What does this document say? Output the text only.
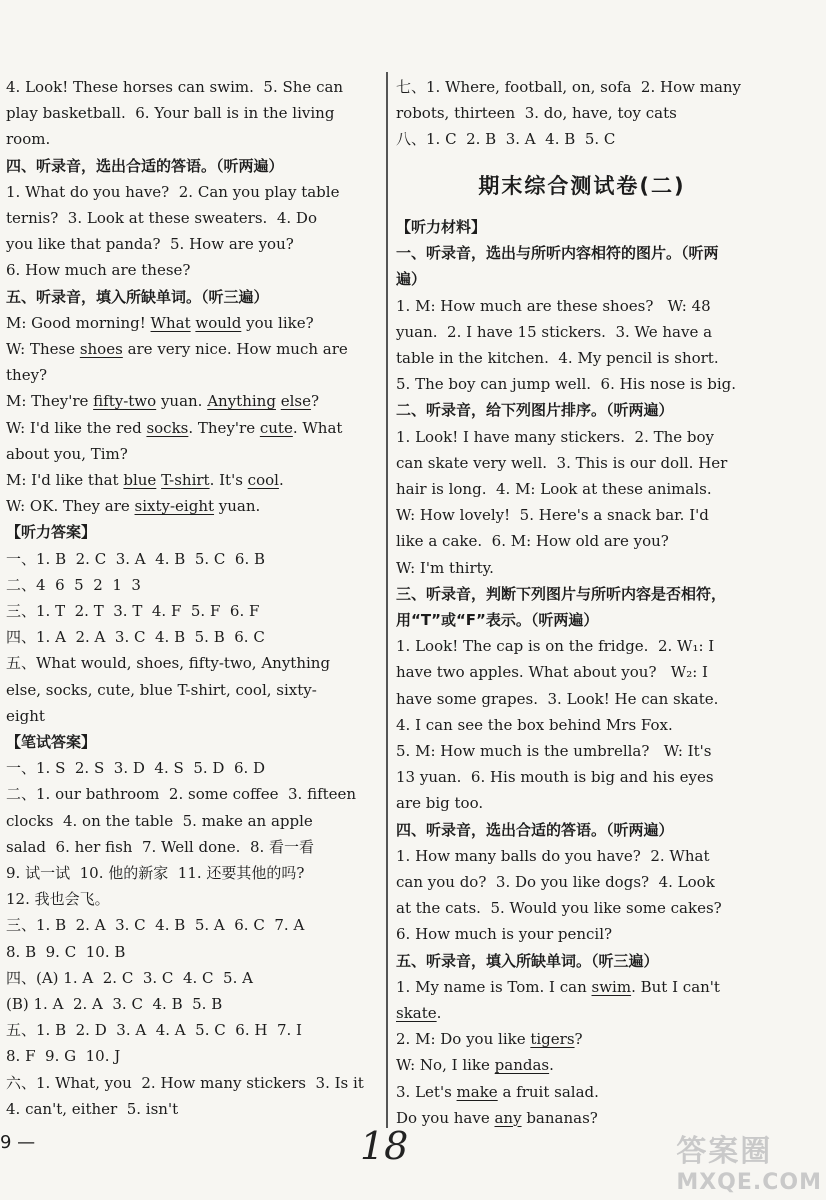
4. Look! These horses can swim.  5. She can
play basketball.  6. Your ball is in the living
room.
四、听录音，选出合适的答语。（听两遍）
1. What do you have?  2. Can you play table
ternis?  3. Look at these sweaters.  4. Do
you like that panda?  5. How are you?
6. How much are these?
五、听录音，填入所缺单词。（听三遍）
M: Good morning! What would you like?
W: These shoes are very nice. How much are
they?
M: They're fifty-two yuan. Anything else?
W: I'd like the red socks. They're cute. What
about you, Tim?
M: I'd like that blue T-shirt. It's cool.
W: OK. They are sixty-eight yuan.
【听力答案】
一、1. B  2. C  3. A  4. B  5. C  6. B
二、4  6  5  2  1  3
三、1. T  2. T  3. T  4. F  5. F  6. F
四、1. A  2. A  3. C  4. B  5. B  6. C
五、What would, shoes, fifty-two, Anything
else, socks, cute, blue T-shirt, cool, sixty-
eight
【笔试答案】
一、1. S  2. S  3. D  4. S  5. D  6. D
二、1. our bathroom  2. some coffee  3. fifteen
clocks  4. on the table  5. make an apple
salad  6. her fish  7. Well done.  8. 看一看
9. 试一试  10. 他的新家  11. 还要其他的吗?
12. 我也会飞。
三、1. B  2. A  3. C  4. B  5. A  6. C  7. A
8. B  9. C  10. B
四、(A) 1. A  2. C  3. C  4. C  5. A
(B) 1. A  2. A  3. C  4. B  5. B
五、1. B  2. D  3. A  4. A  5. C  6. H  7. I
8. F  9. G  10. J
六、1. What, you  2. How many stickers  3. Is it
4. can't, either  5. isn't
七、1. Where, football, on, sofa  2. How many
robots, thirteen  3. do, have, toy cats
八、1. C  2. B  3. A  4. B  5. C
期末综合测试卷(二)
【听力材料】
一、听录音，选出与所听内容相符的图片。（听两
遍）
1. M: How much are these shoes?   W: 48
yuan.  2. I have 15 stickers.  3. We have a
table in the kitchen.  4. My pencil is short.
5. The boy can jump well.  6. His nose is big.
二、听录音，给下列图片排序。（听两遍）
1. Look! I have many stickers.  2. The boy
can skate very well.  3. This is our doll. Her
hair is long.  4. M: Look at these animals.
W: How lovely!  5. Here's a snack bar. I'd
like a cake.  6. M: How old are you?
W: I'm thirty.
三、听录音，判断下列图片与所听内容是否相符，
用“T”或“F”表示。（听两遍）
1. Look! The cap is on the fridge.  2. W₁: I
have two apples. What about you?   W₂: I
have some grapes.  3. Look! He can skate.
4. I can see the box behind Mrs Fox.
5. M: How much is the umbrella?   W: It's
13 yuan.  6. His mouth is big and his eyes
are big too.
四、听录音，选出合适的答语。（听两遍）
1. How many balls do you have?  2. What
can you do?  3. Do you like dogs?  4. Look
at the cats.  5. Would you like some cakes?
6. How much is your pencil?
五、听录音，填入所缺单词。（听三遍）
1. My name is Tom. I can swim. But I can't
skate.
2. M: Do you like tigers?
W: No, I like pandas.
3. Let's make a fruit salad.
Do you have any bananas?
9 —	18	答案圈
MXQE.COM
